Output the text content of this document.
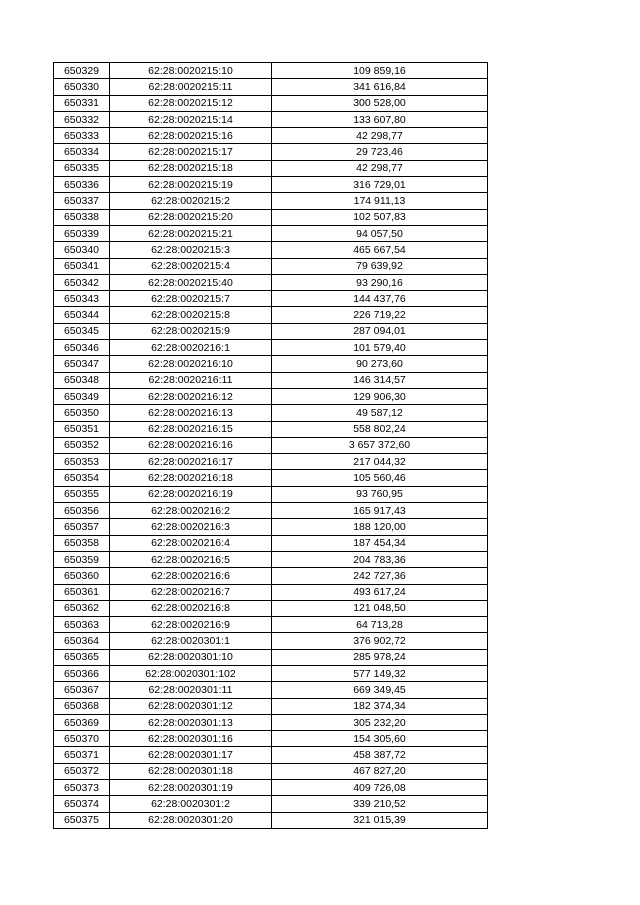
650329	62:28:0020215:10	109 859,16
650330	62:28:0020215:11	341 616,84
650331	62:28:0020215:12	300 528,00
650332	62:28:0020215:14	133 607,80
650333	62:28:0020215:16	42 298,77
650334	62:28:0020215:17	29 723,46
650335	62:28:0020215:18	42 298,77
650336	62:28:0020215:19	316 729,01
650337	62:28:0020215:2	174 911,13
650338	62:28:0020215:20	102 507,83
650339	62:28:0020215:21	94 057,50
650340	62:28:0020215:3	465 667,54
650341	62:28:0020215:4	79 639,92
650342	62:28:0020215:40	93 290,16
650343	62:28:0020215:7	144 437,76
650344	62:28:0020215:8	226 719,22
650345	62:28:0020215:9	287 094,01
650346	62:28:0020216:1	101 579,40
650347	62:28:0020216:10	90 273,60
650348	62:28:0020216:11	146 314,57
650349	62:28:0020216:12	129 906,30
650350	62:28:0020216:13	49 587,12
650351	62:28:0020216:15	558 802,24
650352	62:28:0020216:16	3 657 372,60
650353	62:28:0020216:17	217 044,32
650354	62:28:0020216:18	105 560,46
650355	62:28:0020216:19	93 760,95
650356	62:28:0020216:2	165 917,43
650357	62:28:0020216:3	188 120,00
650358	62:28:0020216:4	187 454,34
650359	62:28:0020216:5	204 783,36
650360	62:28:0020216:6	242 727,36
650361	62:28:0020216:7	493 617,24
650362	62:28:0020216:8	121 048,50
650363	62:28:0020216:9	64 713,28
650364	62:28:0020301:1	376 902,72
650365	62:28:0020301:10	285 978,24
650366	62:28:0020301:102	577 149,32
650367	62:28:0020301:11	669 349,45
650368	62:28:0020301:12	182 374,34
650369	62:28:0020301:13	305 232,20
650370	62:28:0020301:16	154 305,60
650371	62:28:0020301:17	458 387,72
650372	62:28:0020301:18	467 827,20
650373	62:28:0020301:19	409 726,08
650374	62:28:0020301:2	339 210,52
650375	62:28:0020301:20	321 015,39
